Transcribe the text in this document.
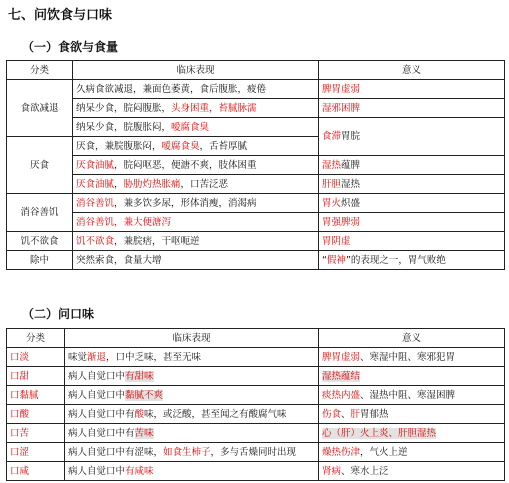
七、问饮食与口味
（一）食欲与食量
分类	临床表现	意义
食欲减退	久病食欲减退，兼面色萎黄，食后腹胀，疲倦	脾胃虚弱
	纳呆少食，脘闷腹胀，头身困重，苔腻脉濡	湿邪困脾
	纳呆少食，脘腹胀闷，嗳腐食臭	食滞胃脘
厌食	厌食，兼脘腹胀闷，嗳腐食臭，舌苔厚腻	
	厌食油腻，脘闷呕恶，便溏不爽，肢体困重	湿热蕴脾
	厌食油腻，胁肋灼热胀痛，口苦泛恶	肝胆湿热
消谷善饥	消谷善饥，兼多饮多尿，形体消瘦，消渴病	胃火炽盛
	消谷善饥，兼大便溏泻	胃强脾弱
饥不欲食	饥不欲食，兼脘痞，干呕呃逆	胃阴虚
除中	突然索食，食量大增	“假神”的表现之一，胃气败绝
（二）问口味
分类	临床表现	意义
口淡	味觉渐退，口中乏味，甚至无味	脾胃虚弱、寒湿中阻、寒邪犯胃
口甜	病人自觉口中有甜味	湿热蕴结
口黏腻	病人自觉口中黏腻不爽	痰热内盛、湿热中阻、寒湿困脾
口酸	病人自觉口中有酸味，或泛酸，甚至闻之有酸腐气味	伤食、肝胃郁热
口苦	病人自觉口中有苦味	心（肝）火上炎、肝胆湿热
口涩	病人自觉口中有涩味，如食生柿子，多与舌燥同时出现	燥热伤津，气火上逆
口咸	病人自觉口中有咸味	肾病、寒水上泛
